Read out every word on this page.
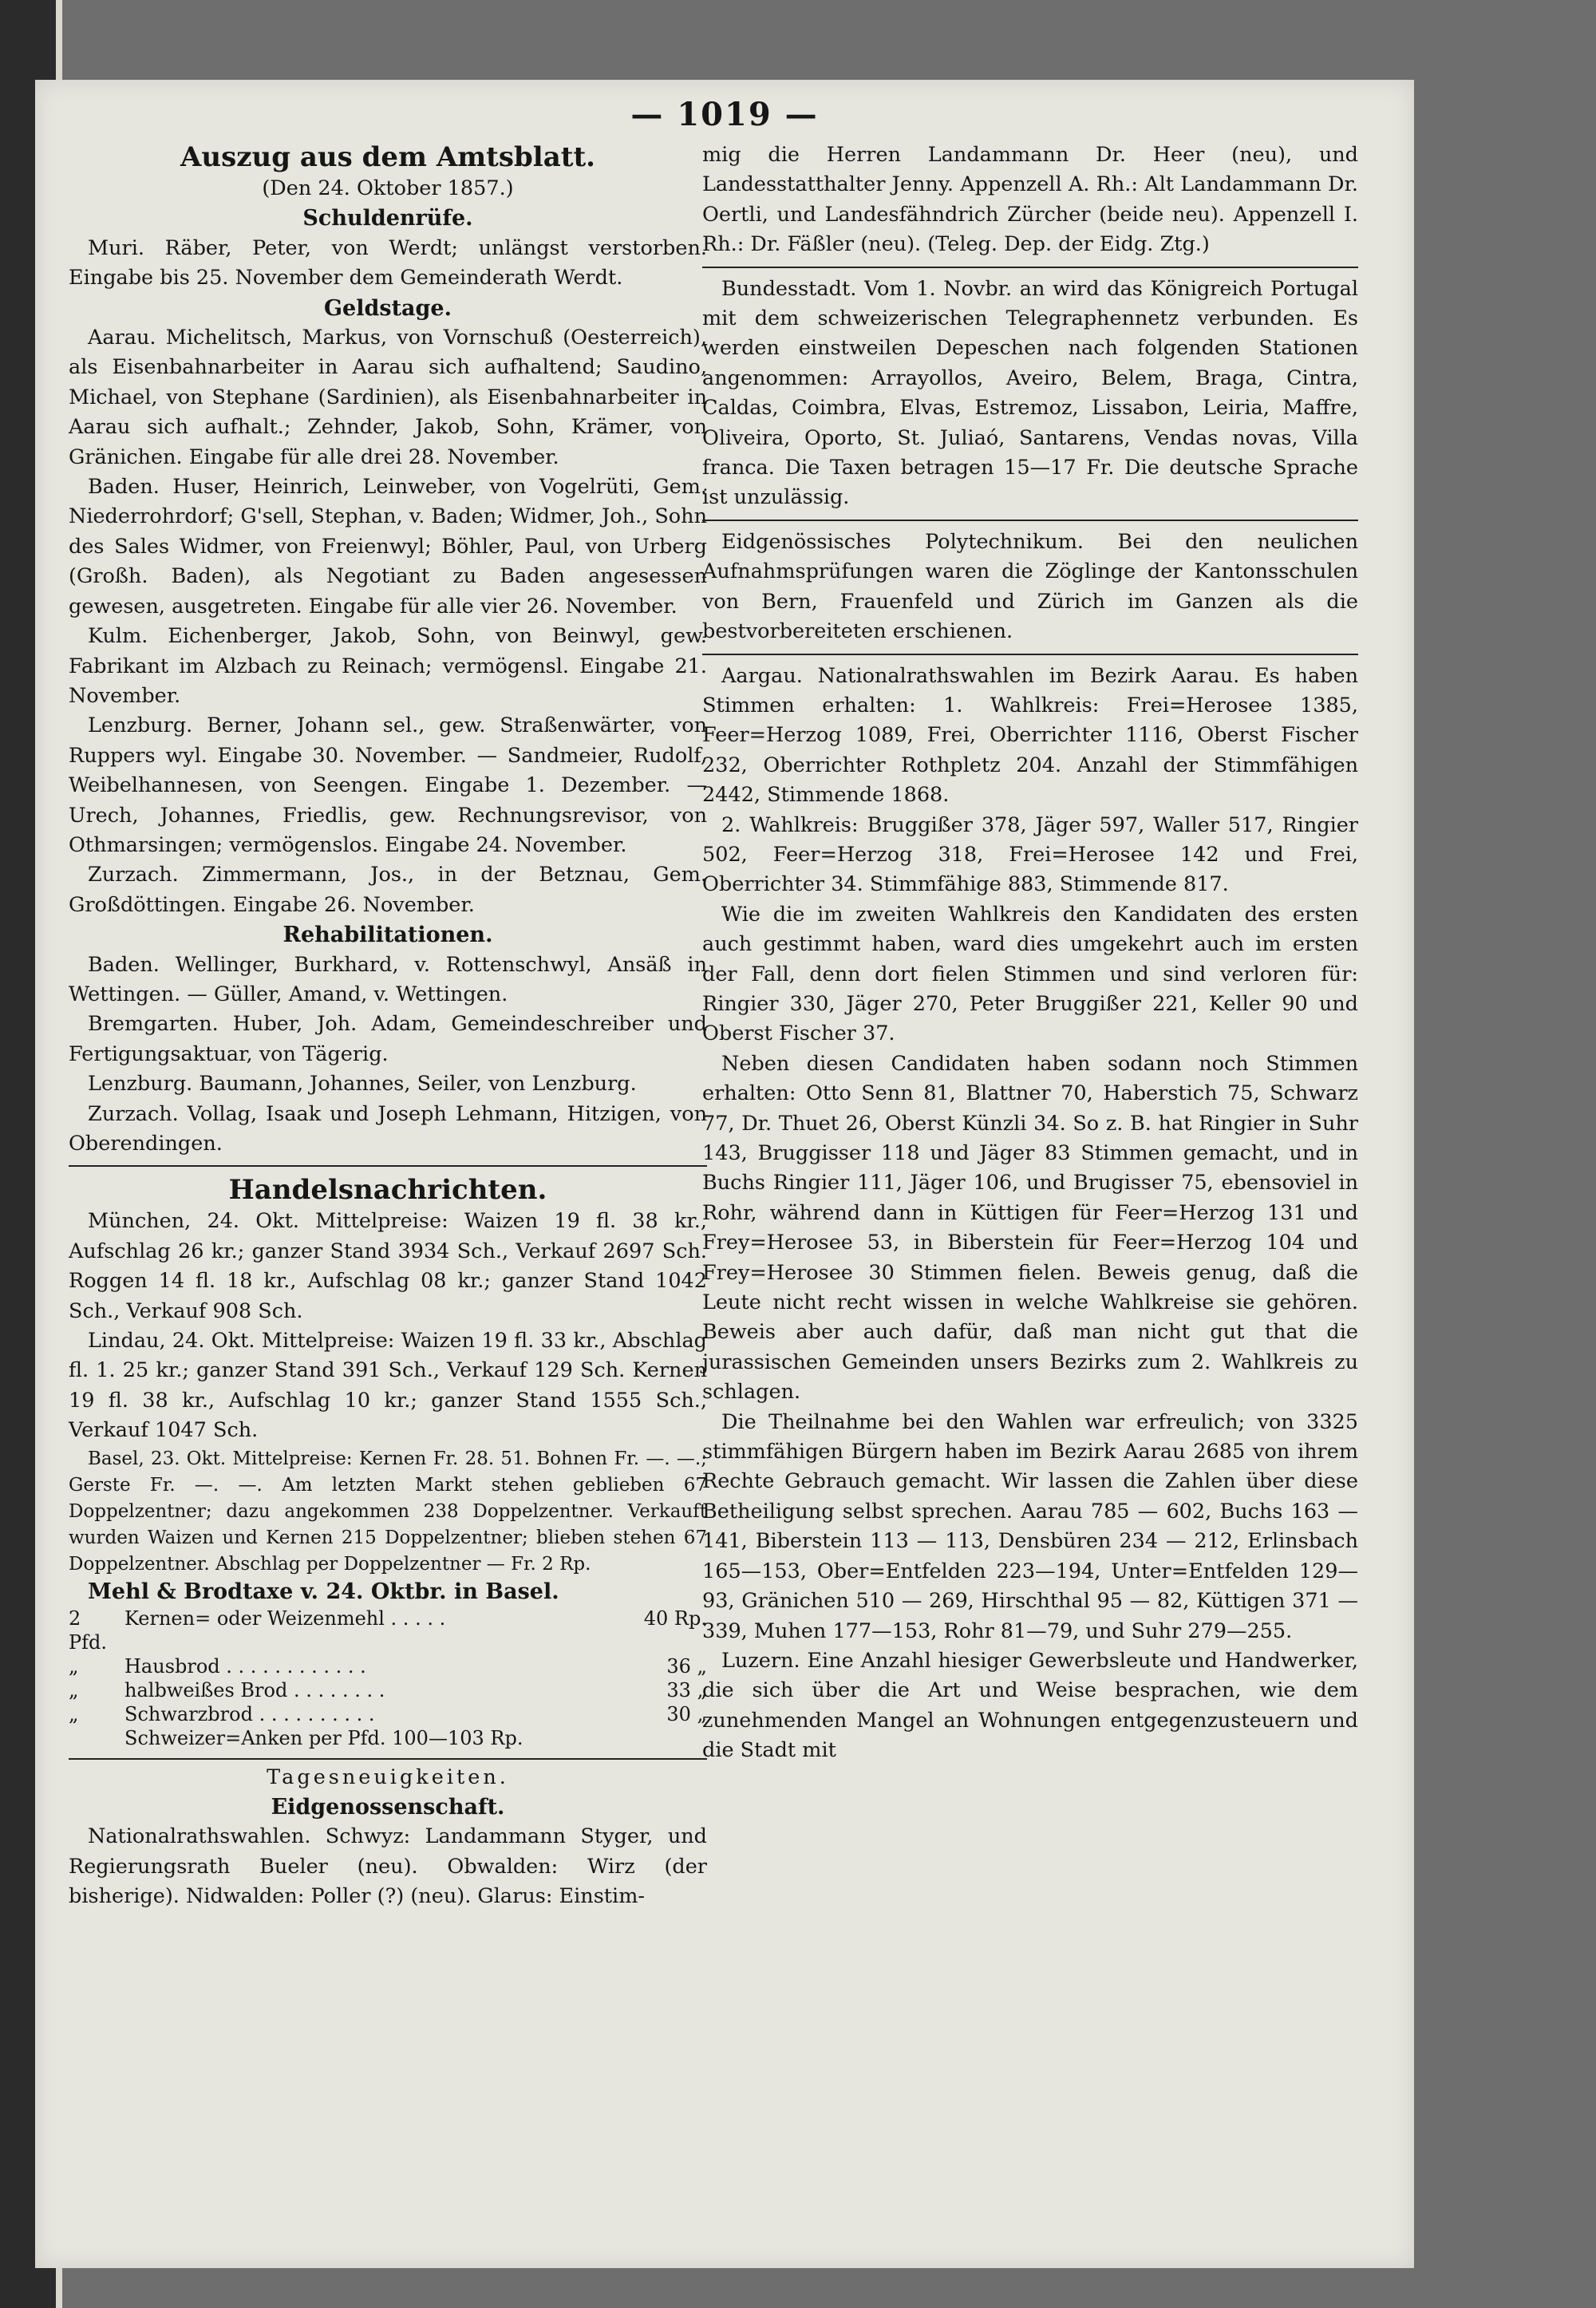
— 1019 —

Auszug aus dem Amtsblatt.

(Den 24. Oktober 1857.)

Schuldenrüfe.

Muri. Räber, Peter, von Werdt; unlängst verstorben. Eingabe bis 25. November dem Gemeinderath Werdt.

Geldstage.

Aarau. Michelitsch, Markus, von Vornschuß (Oesterreich), als Eisenbahnarbeiter in Aarau sich aufhaltend; Saudino, Michael, von Stephane (Sardinien), als Eisenbahnarbeiter in Aarau sich aufhalt.; Zehnder, Jakob, Sohn, Krämer, von Gränichen. Eingabe für alle drei 28. November.

Baden. Huser, Heinrich, Leinweber, von Vogelrüti, Gem. Niederrohrdorf; G'sell, Stephan, v. Baden; Widmer, Joh., Sohn des Sales Widmer, von Freienwyl; Böhler, Paul, von Urberg (Großh. Baden), als Negotiant zu Baden angesessen gewesen, ausgetreten. Eingabe für alle vier 26. November.

Kulm. Eichenberger, Jakob, Sohn, von Beinwyl, gew. Fabrikant im Alzbach zu Reinach; vermögensl. Eingabe 21. November.

Lenzburg. Berner, Johann sel., gew. Straßenwärter, von Ruppers wyl. Eingabe 30. November. — Sandmeier, Rudolf, Weibelhannesen, von Seengen. Eingabe 1. Dezember. — Urech, Johannes, Friedlis, gew. Rechnungsrevisor, von Othmarsingen; vermögenslos. Eingabe 24. November.

Zurzach. Zimmermann, Jos., in der Betznau, Gem. Großdöttingen. Eingabe 26. November.

Rehabilitationen.

Baden. Wellinger, Burkhard, v. Rottenschwyl, Ansäß in Wettingen. — Güller, Amand, v. Wettingen.

Bremgarten. Huber, Joh. Adam, Gemeindeschreiber und Fertigungsaktuar, von Tägerig.

Lenzburg. Baumann, Johannes, Seiler, von Lenzburg.

Zurzach. Vollag, Isaak und Joseph Lehmann, Hitzigen, von Oberendingen.

Handelsnachrichten.

München, 24. Okt. Mittelpreise: Waizen 19 fl. 38 kr., Aufschlag 26 kr.; ganzer Stand 3934 Sch., Verkauf 2697 Sch. Roggen 14 fl. 18 kr., Aufschlag 08 kr.; ganzer Stand 1042 Sch., Verkauf 908 Sch.

Lindau, 24. Okt. Mittelpreise: Waizen 19 fl. 33 kr., Abschlag fl. 1. 25 kr.; ganzer Stand 391 Sch., Verkauf 129 Sch. Kernen 19 fl. 38 kr., Aufschlag 10 kr.; ganzer Stand 1555 Sch., Verkauf 1047 Sch.

Basel, 23. Okt. Mittelpreise: Kernen Fr. 28. 51. Bohnen Fr. —. —.; Gerste Fr. —. —. Am letzten Markt stehen geblieben 67 Doppelzentner; dazu angekommen 238 Doppelzentner. Verkauft wurden Waizen und Kernen 215 Doppelzentner; blieben stehen 67 Doppelzentner. Abschlag per Doppelzentner — Fr. 2 Rp.

Mehl & Brodtaxe v. 24. Oktbr. in Basel.

2 Pfd.
Kernen= oder Weizenmehl . . . . .	40 Rp.
„	Hausbrod . . . . . . . . . . . .	36 „
„	halbweißes Brod . . . . . . . .	33 „
„	Schwarzbrod . . . . . . . . . .	30 „
Schweizer=Anken per Pfd. 100—103 Rp.

Tagesneuigkeiten.

Eidgenossenschaft.

Nationalrathswahlen. Schwyz: Landammann Styger, und Regierungsrath Bueler (neu). Obwalden: Wirz (der bisherige). Nidwalden: Poller (?) (neu). Glarus: Einstim-

mig die Herren Landammann Dr. Heer (neu), und Landesstatthalter Jenny. Appenzell A. Rh.: Alt Landammann Dr. Oertli, und Landesfähndrich Zürcher (beide neu). Appenzell I. Rh.: Dr. Fäßler (neu). (Teleg. Dep. der Eidg. Ztg.)

Bundesstadt. Vom 1. Novbr. an wird das Königreich Portugal mit dem schweizerischen Telegraphennetz verbunden. Es werden einstweilen Depeschen nach folgenden Stationen angenommen: Arrayollos, Aveiro, Belem, Braga, Cintra, Caldas, Coimbra, Elvas, Estremoz, Lissabon, Leiria, Maffre, Oliveira, Oporto, St. Juliaó, Santarens, Vendas novas, Villa franca. Die Taxen betragen 15—17 Fr. Die deutsche Sprache ist unzulässig.

Eidgenössisches Polytechnikum. Bei den neulichen Aufnahmsprüfungen waren die Zöglinge der Kantonsschulen von Bern, Frauenfeld und Zürich im Ganzen als die bestvorbereiteten erschienen.

Aargau. Nationalrathswahlen im Bezirk Aarau. Es haben Stimmen erhalten: 1. Wahlkreis: Frei=Herosee 1385, Feer=Herzog 1089, Frei, Oberrichter 1116, Oberst Fischer 232, Oberrichter Rothpletz 204. Anzahl der Stimmfähigen 2442, Stimmende 1868.

2. Wahlkreis: Bruggißer 378, Jäger 597, Waller 517, Ringier 502, Feer=Herzog 318, Frei=Herosee 142 und Frei, Oberrichter 34. Stimmfähige 883, Stimmende 817.

Wie die im zweiten Wahlkreis den Kandidaten des ersten auch gestimmt haben, ward dies umgekehrt auch im ersten der Fall, denn dort fielen Stimmen und sind verloren für: Ringier 330, Jäger 270, Peter Bruggißer 221, Keller 90 und Oberst Fischer 37.

Neben diesen Candidaten haben sodann noch Stimmen erhalten: Otto Senn 81, Blattner 70, Haberstich 75, Schwarz 77, Dr. Thuet 26, Oberst Künzli 34. So z. B. hat Ringier in Suhr 143, Bruggisser 118 und Jäger 83 Stimmen gemacht, und in Buchs Ringier 111, Jäger 106, und Brugisser 75, ebensoviel in Rohr, während dann in Küttigen für Feer=Herzog 131 und Frey=Herosee 53, in Biberstein für Feer=Herzog 104 und Frey=Herosee 30 Stimmen fielen. Beweis genug, daß die Leute nicht recht wissen in welche Wahlkreise sie gehören. Beweis aber auch dafür, daß man nicht gut that die jurassischen Gemeinden unsers Bezirks zum 2. Wahlkreis zu schlagen.

Die Theilnahme bei den Wahlen war erfreulich; von 3325 stimmfähigen Bürgern haben im Bezirk Aarau 2685 von ihrem Rechte Gebrauch gemacht. Wir lassen die Zahlen über diese Betheiligung selbst sprechen. Aarau 785 — 602, Buchs 163 — 141, Biberstein 113 — 113, Densbüren 234 — 212, Erlinsbach 165—153, Ober=Entfelden 223—194, Unter=Entfelden 129—93, Gränichen 510 — 269, Hirschthal 95 — 82, Küttigen 371 — 339, Muhen 177—153, Rohr 81—79, und Suhr 279—255.

Luzern. Eine Anzahl hiesiger Gewerbsleute und Handwerker, die sich über die Art und Weise besprachen, wie dem zunehmenden Mangel an Wohnungen entgegenzusteuern und die Stadt mit
